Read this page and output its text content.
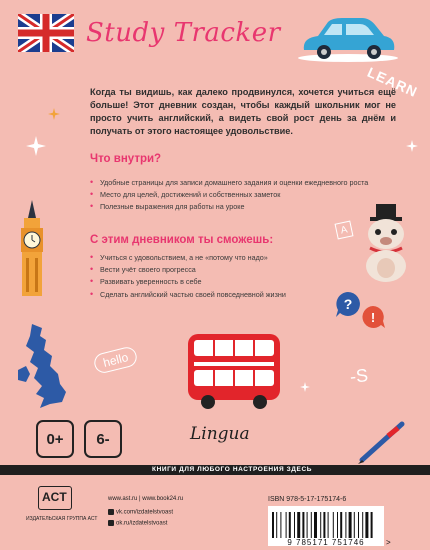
Study Tracker
LEARN
Когда ты видишь, как далеко продвинулся, хочется учиться ещё больше! Этот дневник создан, чтобы каждый школьник мог не просто учить английский, а видеть свой рост день за днём и получать от этого настоящее удовольствие.
Что внутри?
• Удобные страницы для записи домашнего задания и оценки ежедневного роста
• Место для целей, достижений и собственных заметок
• Полезные выражения для работы на уроке
С этим дневником ты сможешь:
• Учиться с удовольствием, а не «потому что надо»
• Вести учёт своего прогресса
• Развивать уверенность в себе
• Сделать английский частью своей повседневной жизни
A
?
!
hello
-S
0+	6-	Lingua
КНИГИ ДЛЯ ЛЮБОГО НАСТРОЕНИЯ ЗДЕСЬ
ACT
ИЗДАТЕЛЬСКАЯ ГРУППА АСТ
www.ast.ru | www.book24.ru
vk.com/izdatelstvoast
ok.ru/izdatelstvoast
ISBN 978-5-17-175174-6
9 785171 751746	>
